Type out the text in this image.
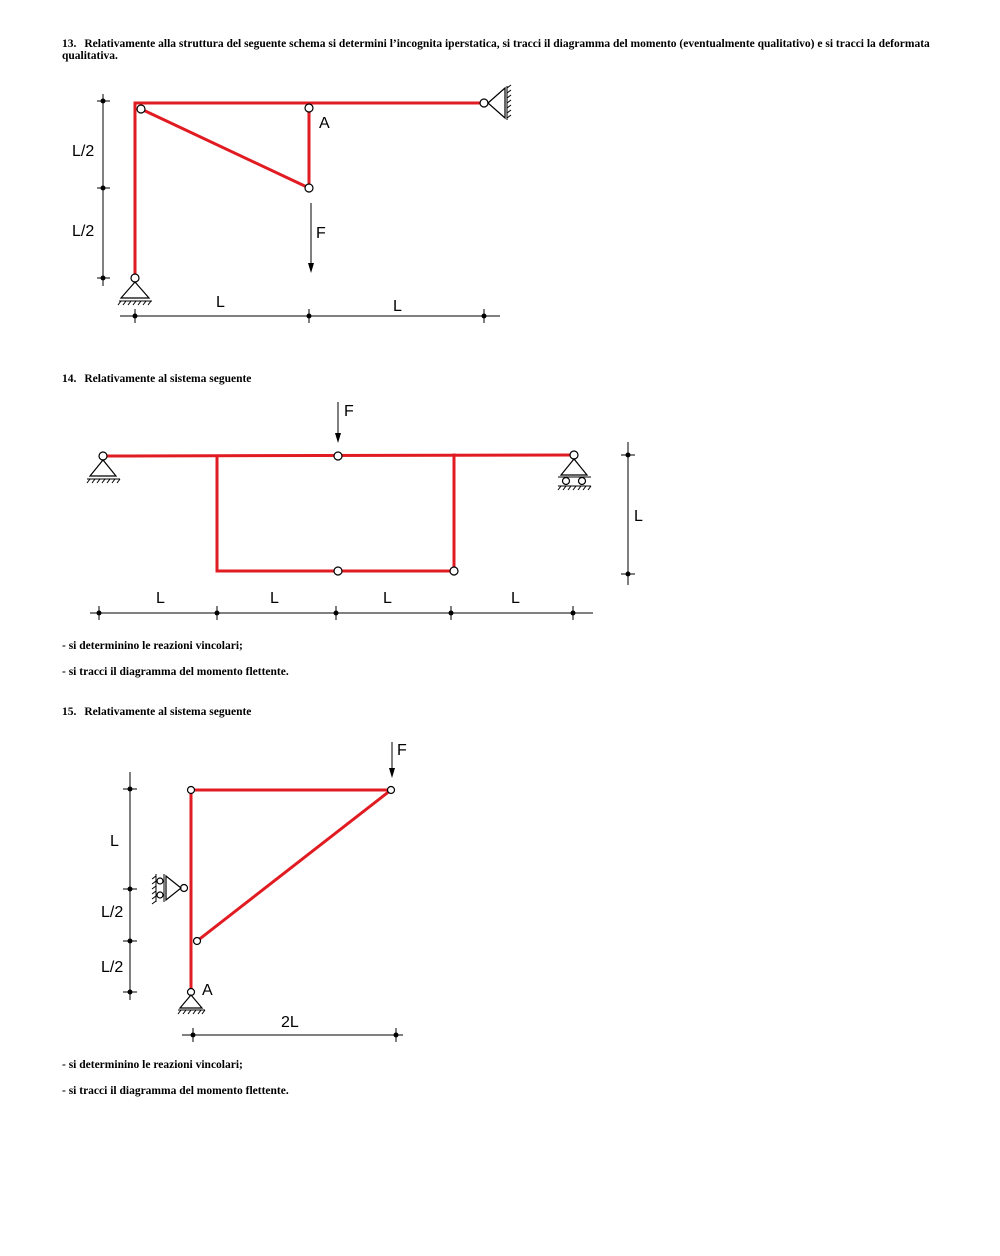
13. Relativamente alla struttura del seguente schema si determini l’incognita iperstatica, si tracci il diagramma del momento (eventualmente qualitativo) e si tracci la deformata qualitativa.
L/2
L/2
L	L
A
F
14. Relativamente al sistema seguente
F
L
L	L	L	L
- si determinino le reazioni vincolari;
- si tracci il diagramma del momento flettente.
15. Relativamente al sistema seguente
L
L/2
L/2
A
F
2L
- si determinino le reazioni vincolari;
- si tracci il diagramma del momento flettente.
